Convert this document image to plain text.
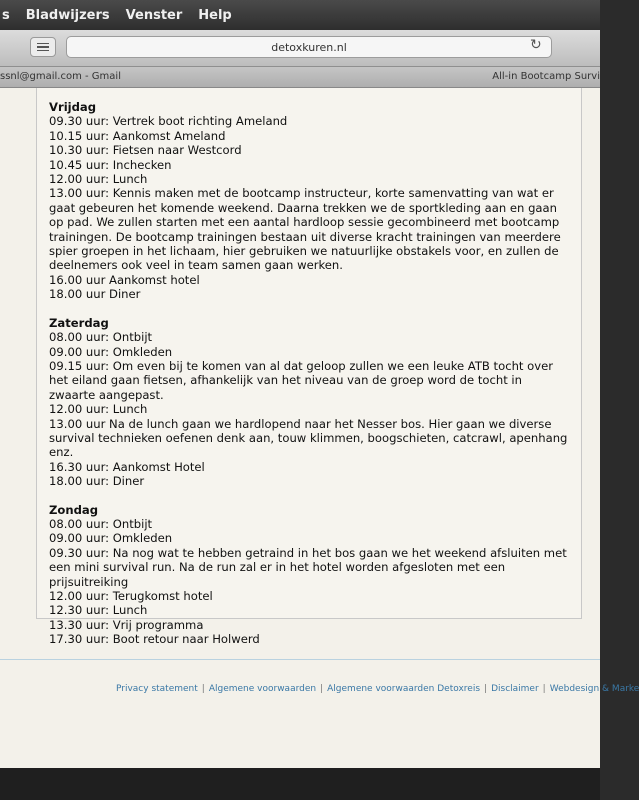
s Bladwijzers Venster Help
detoxkuren.nl	↻
ssnl@gmail.com - Gmail	All-in Bootcamp Survi
Vrijdag
09.30 uur: Vertrek boot richting Ameland
10.15 uur: Aankomst Ameland
10.30 uur: Fietsen naar Westcord
10.45 uur: Inchecken
12.00 uur: Lunch
13.00 uur: Kennis maken met de bootcamp instructeur, korte samenvatting van wat er gaat gebeuren het komende weekend. Daarna trekken we de sportkleding aan en gaan op pad. We zullen starten met een aantal hardloop sessie gecombineerd met bootcamp trainingen. De bootcamp trainingen bestaan uit diverse kracht trainingen van meerdere spier groepen in het lichaam, hier gebruiken we natuurlijke obstakels voor, en zullen de deelnemers ook veel in team samen gaan werken.
16.00 uur Aankomst hotel
18.00 uur Diner
Zaterdag
08.00 uur: Ontbijt
09.00 uur: Omkleden
09.15 uur: Om even bij te komen van al dat geloop zullen we een leuke ATB tocht over het eiland gaan fietsen, afhankelijk van het niveau van de groep word de tocht in zwaarte aangepast.
12.00 uur: Lunch
13.00 uur Na de lunch gaan we hardlopend naar het Nesser bos. Hier gaan we diverse survival technieken oefenen denk aan, touw klimmen, boogschieten, catcrawl, apenhang enz.
16.30 uur: Aankomst Hotel
18.00 uur: Diner
Zondag
08.00 uur: Ontbijt
09.00 uur: Omkleden
09.30 uur: Na nog wat te hebben getraind in het bos gaan we het weekend afsluiten met een mini survival run. Na de run zal er in het hotel worden afgesloten met een prijsuitreiking
12.00 uur: Terugkomst hotel
12.30 uur: Lunch
13.30 uur: Vrij programma
17.30 uur: Boot retour naar Holwerd
Privacy statement | Algemene voorwaarden | Algemene voorwaarden Detoxreis | Disclaimer | Webdesign & Marke
